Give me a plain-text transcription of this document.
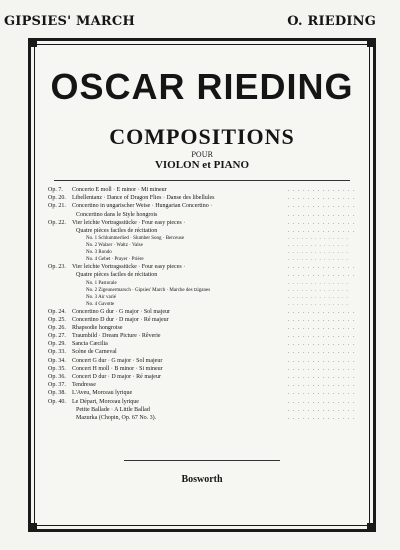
GIPSIES' MARCH	O. RIEDING
OSCAR RIEDING
COMPOSITIONS
POUR
VIOLON et PIANO
Op. 7.	Concerto E moll · E minor · Mi mineur	. . . . . . . . . . . . . .
Op. 20.	Libellentanz · Dance of Dragon Flies · Danse des libellules	. . . . . . . . . . . . . .
Op. 21.	Concertino in ungarischer Weise · Hungarian Concertino ·	. . . . . . . . . . . . . .
Concertino dans le Style hongrois	. . . . . . . . . . . . . .
Op. 22.	Vier leichte Vortragsstücke · Four easy pieces ·	. . . . . . . . . . . . . .
Quatre pièces faciles de récitation	. . . . . . . . . . . . . .
No. 1 Schlummerlied · Slumber Song · Berceuse	. . . . . . . . . . . . . .
No. 2 Walzer · Waltz · Valse	. . . . . . . . . . . . . .
No. 3 Rondo	. . . . . . . . . . . . . .
No. 4 Gebet · Prayer · Prière	. . . . . . . . . . . . . .
Op. 23.	Vier leichte Vortragsstücke · Four easy pieces ·	. . . . . . . . . . . . . .
Quatre pièces faciles de récitation	. . . . . . . . . . . . . .
No. 1 Pastorale	. . . . . . . . . . . . . .
No. 2 Zigeunermarsch · Gipsies' March · Marche des tziganes	. . . . . . . . . . . . . .
No. 3 Air varié	. . . . . . . . . . . . . .
No. 4 Gavotte	. . . . . . . . . . . . . .
Op. 24.	Concertino G dur · G major · Sol majeur	. . . . . . . . . . . . . .
Op. 25.	Concertino D dur · D major · Ré majeur	. . . . . . . . . . . . . .
Op. 26.	Rhapsodie hongroise	. . . . . . . . . . . . . .
Op. 27.	Traumbild · Dream Picture · Rêverie	. . . . . . . . . . . . . .
Op. 29.	Sancta Cæcilia	. . . . . . . . . . . . . .
Op. 33.	Scène de Carneval	. . . . . . . . . . . . . .
Op. 34.	Concert G dur · G major · Sol majeur	. . . . . . . . . . . . . .
Op. 35.	Concert H moll · B minor · Si mineur	. . . . . . . . . . . . . .
Op. 36.	Concert D dur · D major · Ré majeur	. . . . . . . . . . . . . .
Op. 37.	Tendresse	. . . . . . . . . . . . . .
Op. 38.	L'Aveu, Morceau lyrique	. . . . . . . . . . . . . .
Op. 40.	Le Départ, Morceau lyrique	. . . . . . . . . . . . . .
Petite Ballade · A Little Ballad	. . . . . . . . . . . . . .
Mazurka (Chopin, Op. 67 No. 3).	. . . . . . . . . . . . . .
Bosworth
